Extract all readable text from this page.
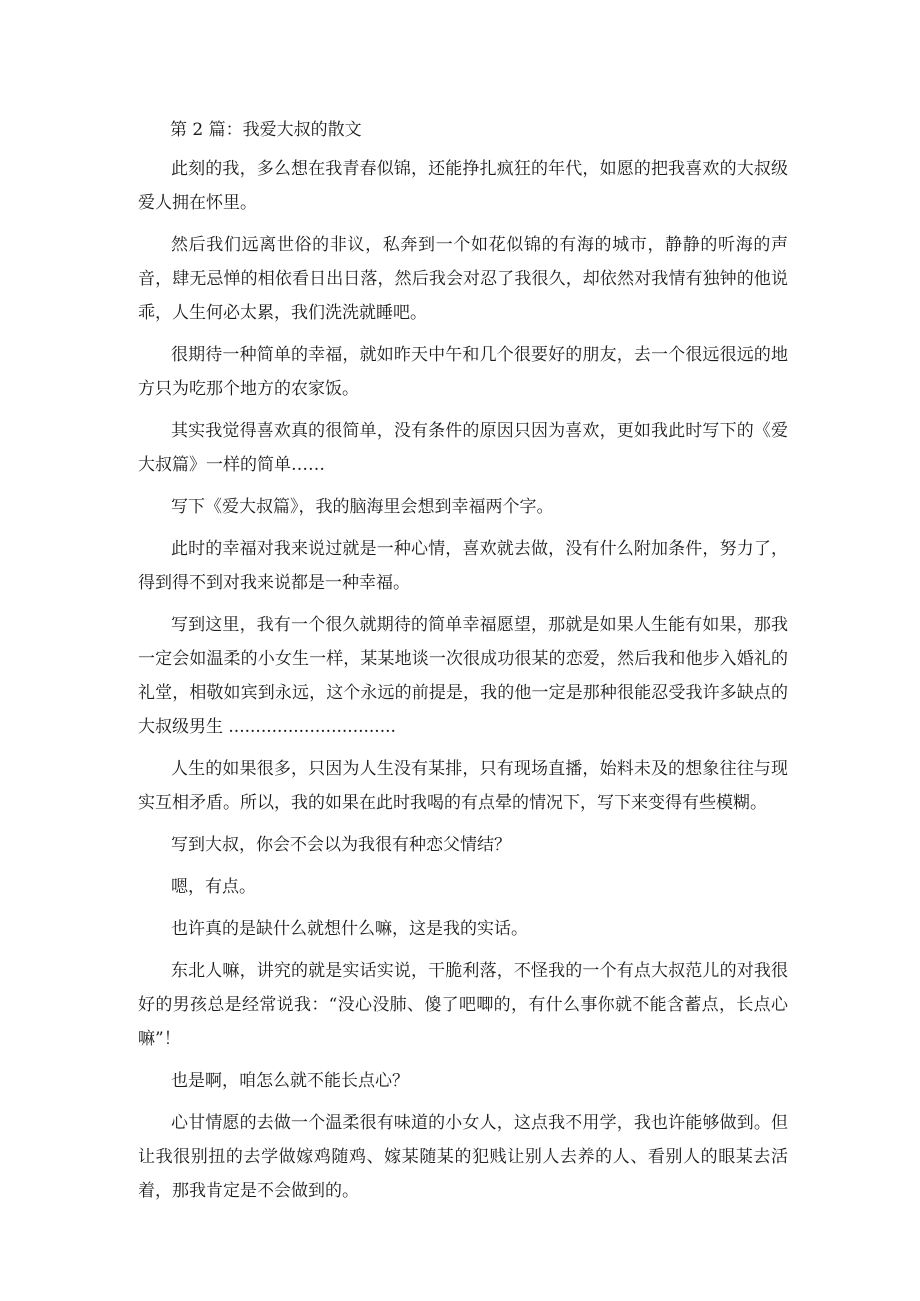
第 2 篇：我爱大叔的散文

此刻的我，多么想在我青春似锦，还能挣扎疯狂的年代，如愿的把我喜欢的大叔级爱人拥在怀里。

然后我们远离世俗的非议，私奔到一个如花似锦的有海的城市，静静的听海的声音，肆无忌惮的相依看日出日落，然后我会对忍了我很久，却依然对我情有独钟的他说 乖，人生何必太累，我们洗洗就睡吧。

很期待一种简单的幸福，就如昨天中午和几个很要好的朋友，去一个很远很远的地方只为吃那个地方的农家饭。

其实我觉得喜欢真的很简单，没有条件的原因只因为喜欢，更如我此时写下的《爱大叔篇》一样的简单……

写下《爱大叔篇》，我的脑海里会想到幸福两个字。

此时的幸福对我来说过就是一种心情，喜欢就去做，没有什么附加条件，努力了，得到得不到对我来说都是一种幸福。

写到这里，我有一个很久就期待的简单幸福愿望，那就是如果人生能有如果，那我一定会如温柔的小女生一样，某某地谈一次很成功很某的恋爱，然后我和他步入婚礼的礼堂，相敬如宾到永远，这个永远的前提是，我的他一定是那种很能忍受我许多缺点的大叔级男生 ...............................

人生的如果很多，只因为人生没有某排，只有现场直播，始料未及的想象往往与现实互相矛盾。所以，我的如果在此时我喝的有点晕的情况下，写下来变得有些模糊。

写到大叔，你会不会以为我很有种恋父情结？

嗯，有点。

也许真的是缺什么就想什么嘛，这是我的实话。

东北人嘛，讲究的就是实话实说，干脆利落，不怪我的一个有点大叔范儿的对我很好的男孩总是经常说我：“没心没肺、傻了吧唧的，有什么事你就不能含蓄点，长点心嘛”！

也是啊，咱怎么就不能长点心？

心甘情愿的去做一个温柔很有味道的小女人，这点我不用学，我也许能够做到。但让我很别扭的去学做嫁鸡随鸡、嫁某随某的犯贱让别人去养的人、看别人的眼某去活着，那我肯定是不会做到的。
